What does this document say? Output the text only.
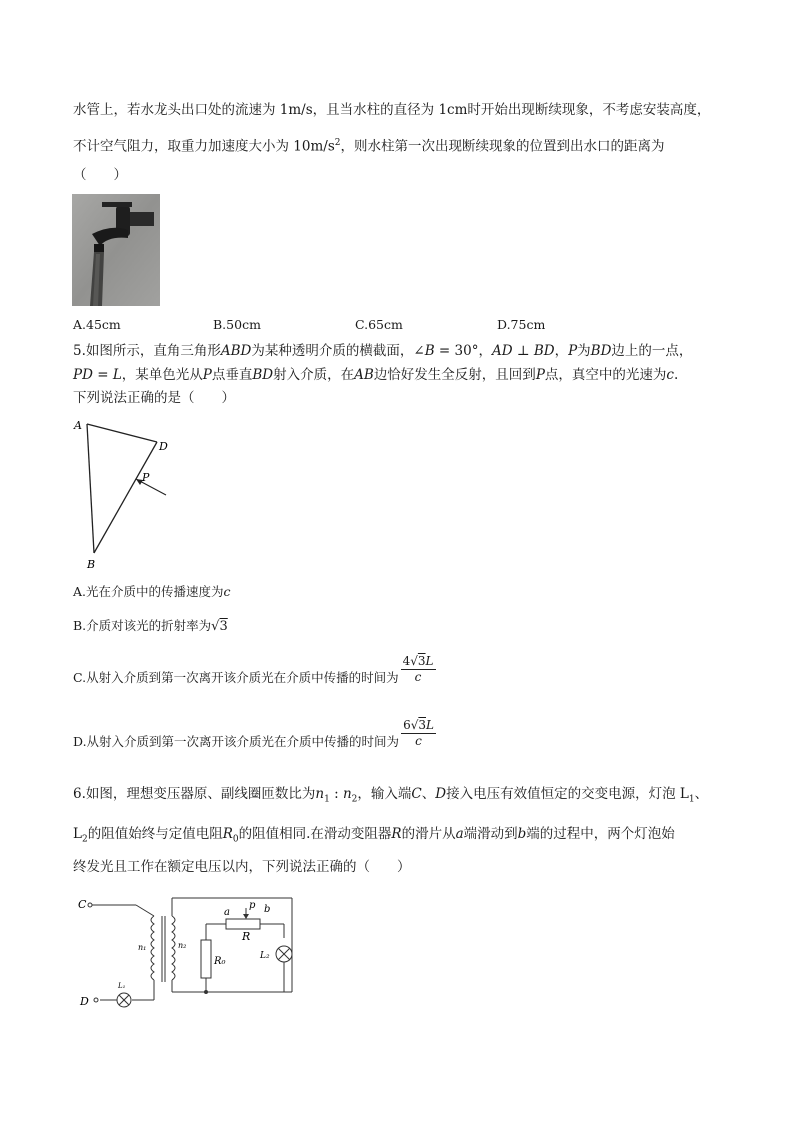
水管上，若水龙头出口处的流速为 1m/s，且当水柱的直径为 1cm时开始出现断续现象，不考虑安装高度，
不计空气阻力，取重力加速度大小为 $10m/s^2$，则水柱第一次出现断续现象的位置到出水口的距离为
（　　）
A.45cm	B.50cm	C.65cm	D.75cm
5.如图所示，直角三角形ABD为某种透明介质的横截面，∠B = 30°，AD ⊥ BD，P为BD边上的一点，
PD = L，某单色光从P点垂直BD射入介质，在AB边恰好发生全反射，且回到P点，真空中的光速为c.
下列说法正确的是（　　）
A
D
P
B
A.光在介质中的传播速度为c
B.介质对该光的折射率为√3
C.从射入介质到第一次离开该介质光在介质中传播的时间为 $\frac{4√3L}{c}$
D.从射入介质到第一次离开该介质光在介质中传播的时间为 $\frac{6√3L}{c}$
6.如图，理想变压器原、副线圈匝数比为$n_1$ : $n_2$，输入端C、D接入电压有效值恒定的交变电源，灯泡 $L_1$、
$L_2$的阻值始终与定值电阻$R_0$的阻值相同.在滑动变阻器R的滑片从a端滑动到b端的过程中，两个灯泡始
终发光且工作在额定电压以内，下列说法正确的（　　）
C
D
n₁	n₂
a
p b
R
R₀	L₂
L₁
